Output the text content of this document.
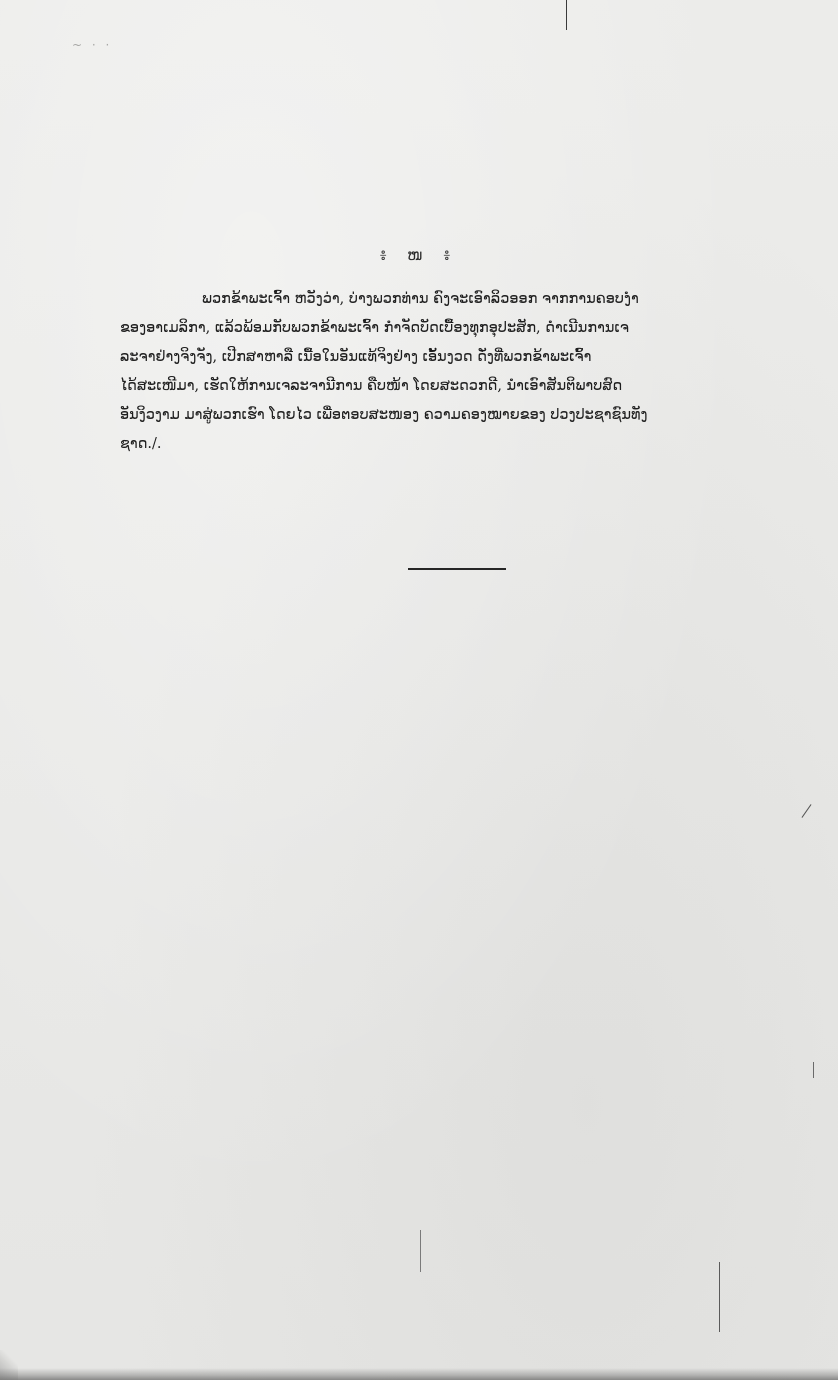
~ · ·
៖ ໜ ៖
ພວກຂ້າພະເຈົ້າ ຫວັງວ່າ, ບ່າງພວກທ່ານ ຄົງຈະເອົາລິວອອກ ຈາກການຄອບງຳ
ຂອງອາເມລິກາ, ແລ້ວພ້ອມກັບພວກຂ້າພະເຈົ້າ ກຳຈັດບັດເບື້ອງທຸກອຸປະສັກ, ດຳເນີນການເຈ
ລະຈາຢ່າງຈິງຈັງ, ເປີກສາຫາລື ເນື້ອໃນອັນແທ້ຈິງຢ່າງ ເອັ້ນງວດ ດັ່ງທີ່ພວກຂ້າພະເຈົ້າ
ໄດ້ສະເໜີມາ, ເຮັດໃຫ້ການເຈລະຈານີການ ຄືບໜ້າ ໂດຍສະດວກດີ, ນຳເອົາສັນຕິພາບສົດ
ອັນງິວງາມ ມາສູ່ພວກເຮົາ ໂດຍໄວ ເພື່ອຕອບສະໜອງ ຄວາມຄອງໝາຍຂອງ ປວງປະຊາຊົນທັງ
ຊາດ./.
